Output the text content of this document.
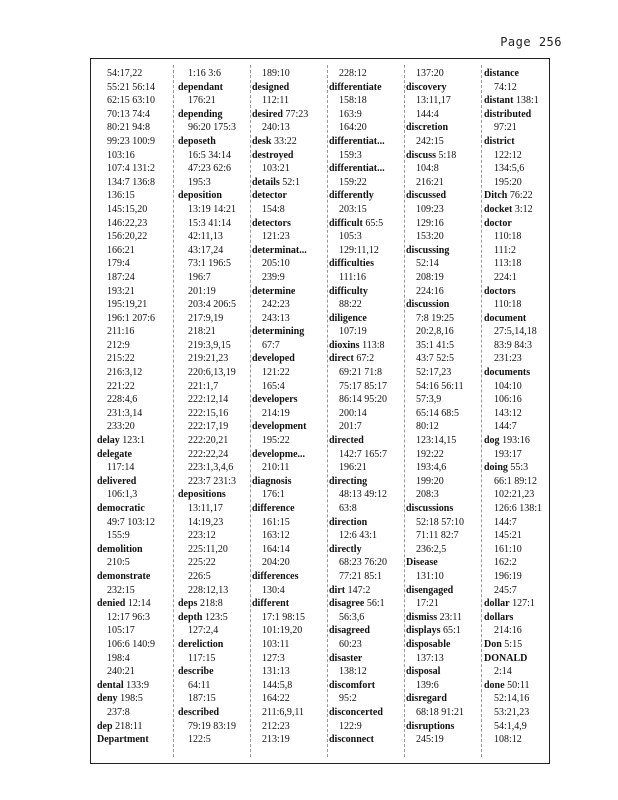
Page 256
54:17,22
55:21 56:14
62:15 63:10
70:13 74:4
80:21 94:8
99:23 100:9
103:16
107:4 131:2
134:7 136:8
136:15
145:15,20
146:22,23
156:20,22
166:21
179:4
187:24
193:21
195:19,21
196:1 207:6
211:16
212:9
215:22
216:3,12
221:22
228:4,6
231:3,14
233:20
delay 123:1
delegate
117:14
delivered
106:1,3
democratic
49:7 103:12
155:9
demolition
210:5
demonstrate
232:15
denied 12:14
12:17 96:3
105:17
106:6 140:9
198:4
240:21
dental 133:9
deny 198:5
237:8
dep 218:11
Department
1:16 3:6
dependant
176:21
depending
96:20 175:3
deposeth
16:5 34:14
47:23 62:6
195:3
deposition
13:19 14:21
15:3 41:14
42:11,13
43:17,24
73:1 196:5
196:7
201:19
203:4 206:5
217:9,19
218:21
219:3,9,15
219:21,23
220:6,13,19
221:1,7
222:12,14
222:15,16
222:17,19
222:20,21
222:22,24
223:1,3,4,6
223:7 231:3
depositions
13:11,17
14:19,23
223:12
225:11,20
225:22
226:5
228:12,13
deps 218:8
depth 123:5
127:2,4
dereliction
117:15
describe
64:11
187:15
described
79:19 83:19
122:5
189:10
designed
112:11
desired 77:23
240:13
desk 33:22
destroyed
103:21
details 52:1
detector
154:8
detectors
121:23
determinat...
205:10
239:9
determine
242:23
243:13
determining
67:7
developed
121:22
165:4
developers
214:19
development
195:22
developme...
210:11
diagnosis
176:1
difference
161:15
163:12
164:14
204:20
differences
130:4
different
17:1 98:15
101:19,20
103:11
127:3
131:13
144:5,8
164:22
211:6,9,11
212:23
213:19
228:12
differentiate
158:18
163:9
164:20
differentiat...
159:3
differentiat...
159:22
differently
203:15
difficult 65:5
105:3
129:11,12
difficulties
111:16
difficulty
88:22
diligence
107:19
dioxins 113:8
direct 67:2
69:21 71:8
75:17 85:17
86:14 95:20
200:14
201:7
directed
142:7 165:7
196:21
directing
48:13 49:12
63:8
direction
12:6 43:1
directly
68:23 76:20
77:21 85:1
dirt 147:2
disagree 56:1
56:3,6
disagreed
60:23
disaster
138:12
discomfort
95:2
disconcerted
122:9
disconnect
137:20
discovery
13:11,17
144:4
discretion
242:15
discuss 5:18
104:8
216:21
discussed
109:23
129:16
153:20
discussing
52:14
208:19
224:16
discussion
7:8 19:25
20:2,8,16
35:1 41:5
43:7 52:5
52:17,23
54:16 56:11
57:3,9
65:14 68:5
80:12
123:14,15
192:22
193:4,6
199:20
208:3
discussions
52:18 57:10
71:11 82:7
236:2,5
Disease
131:10
disengaged
17:21
dismiss 23:11
displays 65:1
disposable
137:13
disposal
139:6
disregard
68:18 91:21
disruptions
245:19
distance
74:12
distant 138:1
distributed
97:21
district
122:12
134:5,6
195:20
Ditch 76:22
docket 3:12
doctor
110:18
111:2
113:18
224:1
doctors
110:18
document
27:5,14,18
83:9 84:3
231:23
documents
104:10
106:16
143:12
144:7
dog 193:16
193:17
doing 55:3
66:1 89:12
102:21,23
126:6 138:1
144:7
145:21
161:10
162:2
196:19
245:7
dollar 127:1
dollars
214:16
Don 5:15
DONALD
2:14
done 50:11
52:14,16
53:21,23
54:1,4,9
108:12
